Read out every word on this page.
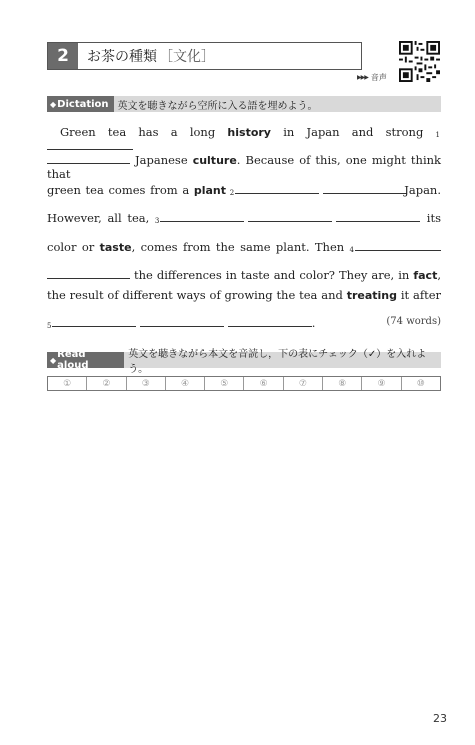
2	お茶の種類 ［文化］
▶▶▶ 音声
◆ Dictation 英文を聴きながら空所に入る語を埋めよう。
Green tea has a long history in Japan and strong 1
Japanese culture. Because of this, one might think that
green tea comes from a plant 2	Japan.
However, all tea, 3	its
color or taste, comes from the same plant. Then 4
the differences in taste and color? They are, in fact,
the result of different ways of growing the tea and treating it after
5	.	(74 words)
◆ Read aloud
英文を聴きながら本文を音読し，下の表にチェック（✓）を入れよう。
①	②	③	④	⑤	⑥	⑦	⑧	⑨	⑩
23
